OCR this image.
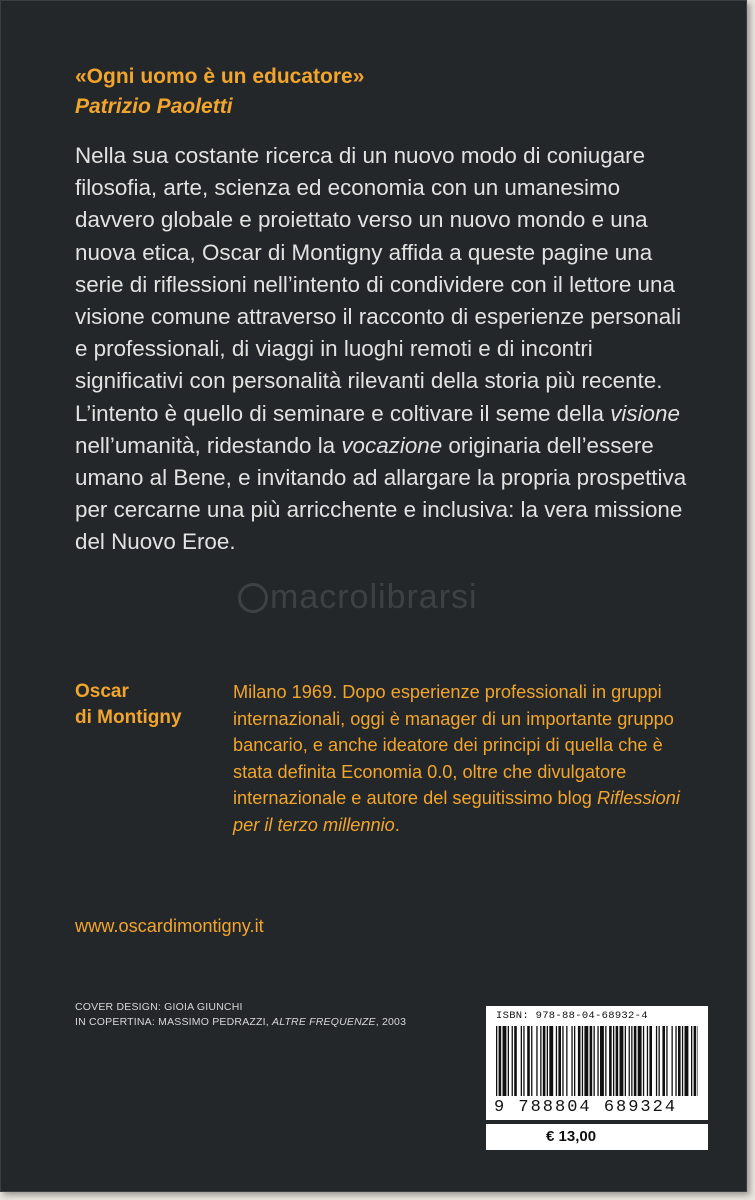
«Ogni uomo è un educatore»
Patrizio Paoletti

Nella sua costante ricerca di un nuovo modo di coniugare filosofia, arte, scienza ed economia con un umanesimo davvero globale e proiettato verso un nuovo mondo e una nuova etica, Oscar di Montigny affida a queste pagine una serie di riflessioni nell’intento di condividere con il lettore una visione comune attraverso il racconto di esperienze personali e professionali, di viaggi in luoghi remoti e di incontri significativi con personalità rilevanti della storia più recente.

L’intento è quello di seminare e coltivare il seme della visione nell’umanità, ridestando la vocazione originaria dell’essere umano al Bene, e invitando ad allargare la propria prospettiva per cercarne una più arricchente e inclusiva: la vera missione del Nuovo Eroe.

macrolibrarsi
Oscar
di Montigny
Milano 1969. Dopo esperienze professionali in gruppi internazionali, oggi è manager di un importante gruppo bancario, e anche ideatore dei principi di quella che è stata definita Economia 0.0, oltre che divulgatore internazionale e autore del seguitissimo blog Riflessioni per il terzo millennio.
www.oscardimontigny.it
COVER DESIGN: GIOIA GIUNCHI
IN COPERTINA: MASSIMO PEDRAZZI, ALTRE FREQUENZE, 2003	ISBN: 978-88-04-68932-4
9 788804 689324
€ 13,00
